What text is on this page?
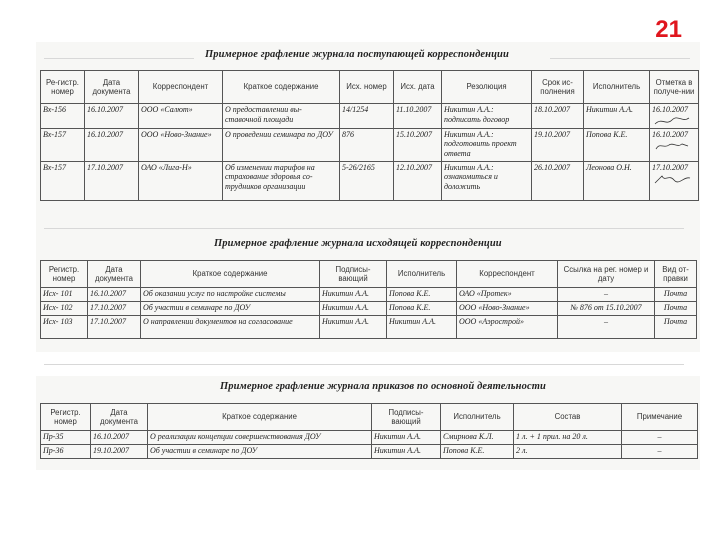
21
Примерное графление журнала поступающей корреспонденции
Ре-гистр. номер	Дата документа	Корреспондент	Краткое содержание	Исх. номер	Исх. дата	Резолюция	Срок ис-полнения	Исполнитель	Отметка в получе-нии
Вх-156	16.10.2007	ООО «Салют»	О предоставлении вы-ставочной площади	14/1254	11.10.2007	Никитин А.А.: подписать договор	18.10.2007	Никитин А.А.	16.10.2007

Вх-157	16.10.2007	ООО «Ново-Знание»	О проведении семинара по ДОУ	876	15.10.2007	Никитин А.А.: подготовить проект ответа	19.10.2007	Попова К.Е.	16.10.2007

Вх-157	17.10.2007	ОАО «Лига-Н»	Об изменении тарифов на страхование здоровья со-трудников организации	5-26/2165	12.10.2007	Никитин А.А.: ознакомиться и доложить	26.10.2007	Леонова О.Н.	17.10.2007
Примерное графление журнала исходящей корреспонденции
Регистр. номер	Дата документа	Краткое содержание	Подписы-вающий	Исполнитель	Корреспондент	Ссылка на рег. номер и дату	Вид от-правки
Исх- 101	16.10.2007	Об оказании услуг по настройке системы	Никитин А.А.	Попова К.Е.	ОАО «Протек»	–	Почта
Исх- 102	17.10.2007	Об участии в семинаре по ДОУ	Никитин А.А.	Попова К.Е.	ООО «Ново-Знание»	№ 876 от 15.10.2007	Почта
Исх- 103	17.10.2007	О направлении документов на согласование	Никитин А.А.	Никитин А.А.	ООО «Аэрострой»	–	Почта
Примерное графление журнала приказов по основной деятельности
Регистр. номер	Дата документа	Краткое содержание	Подписы-вающий	Исполнитель	Состав	Примечание
Пр-35	16.10.2007	О реализации концепции совершенствования ДОУ	Никитин А.А.	Смирнова К.Л.	1 л. + 1 прил. на 20 л.	–
Пр-36	19.10.2007	Об участии в семинаре по ДОУ	Никитин А.А.	Попова К.Е.	2 л.	–
